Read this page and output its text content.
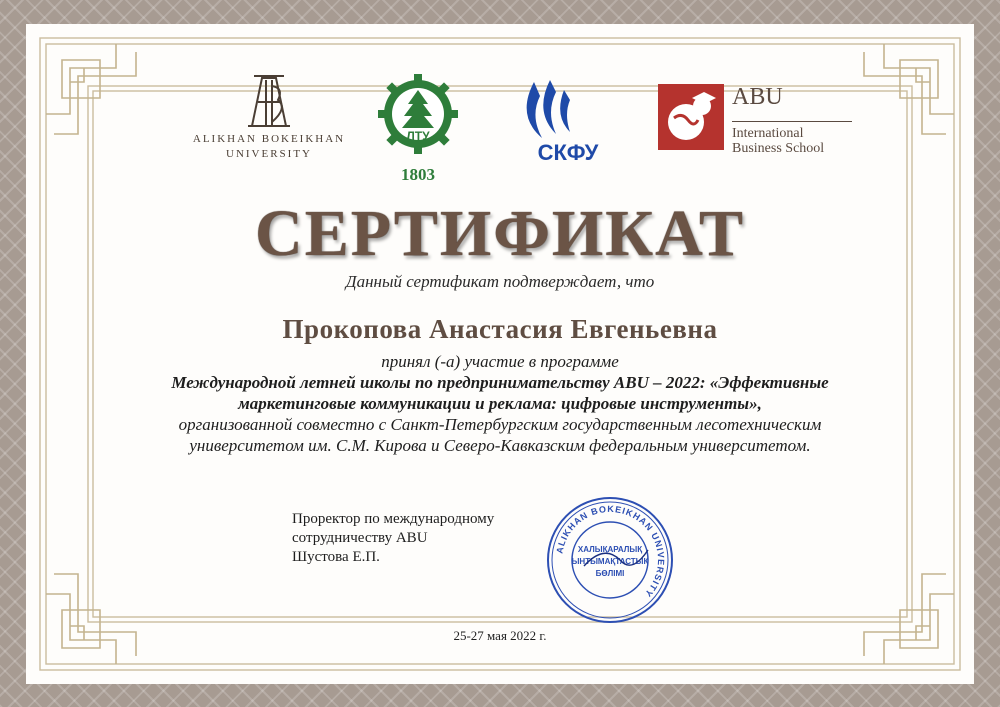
ALIKHAN BOKEIKHAN
UNIVERSITY
ЛТУ
1803
СКФУ
ABU
International
Business School
СЕРТИФИКАТ
Данный сертификат подтверждает, что
Прокопова Анастасия Евгеньевна
принял (-а) участие в программе
Международной летней школы по предпринимательству ABU – 2022: «Эффективные
маркетинговые коммуникации и реклама: цифровые инструменты»,
организованной совместно с Санкт-Петербургским государственным лесотехническим
университетом им. С.М. Кирова и Северо-Кавказским федеральным университетом.
Проректор по международному
сотрудничеству ABU
Шустова Е.П.	ALIKHAN BOKEIKHAN UNIVERSITY
ХАЛЫҚАРАЛЫҚ
ЫНТЫМАҚТАСТЫҚ
БӨЛІМІ
25-27 мая 2022 г.
